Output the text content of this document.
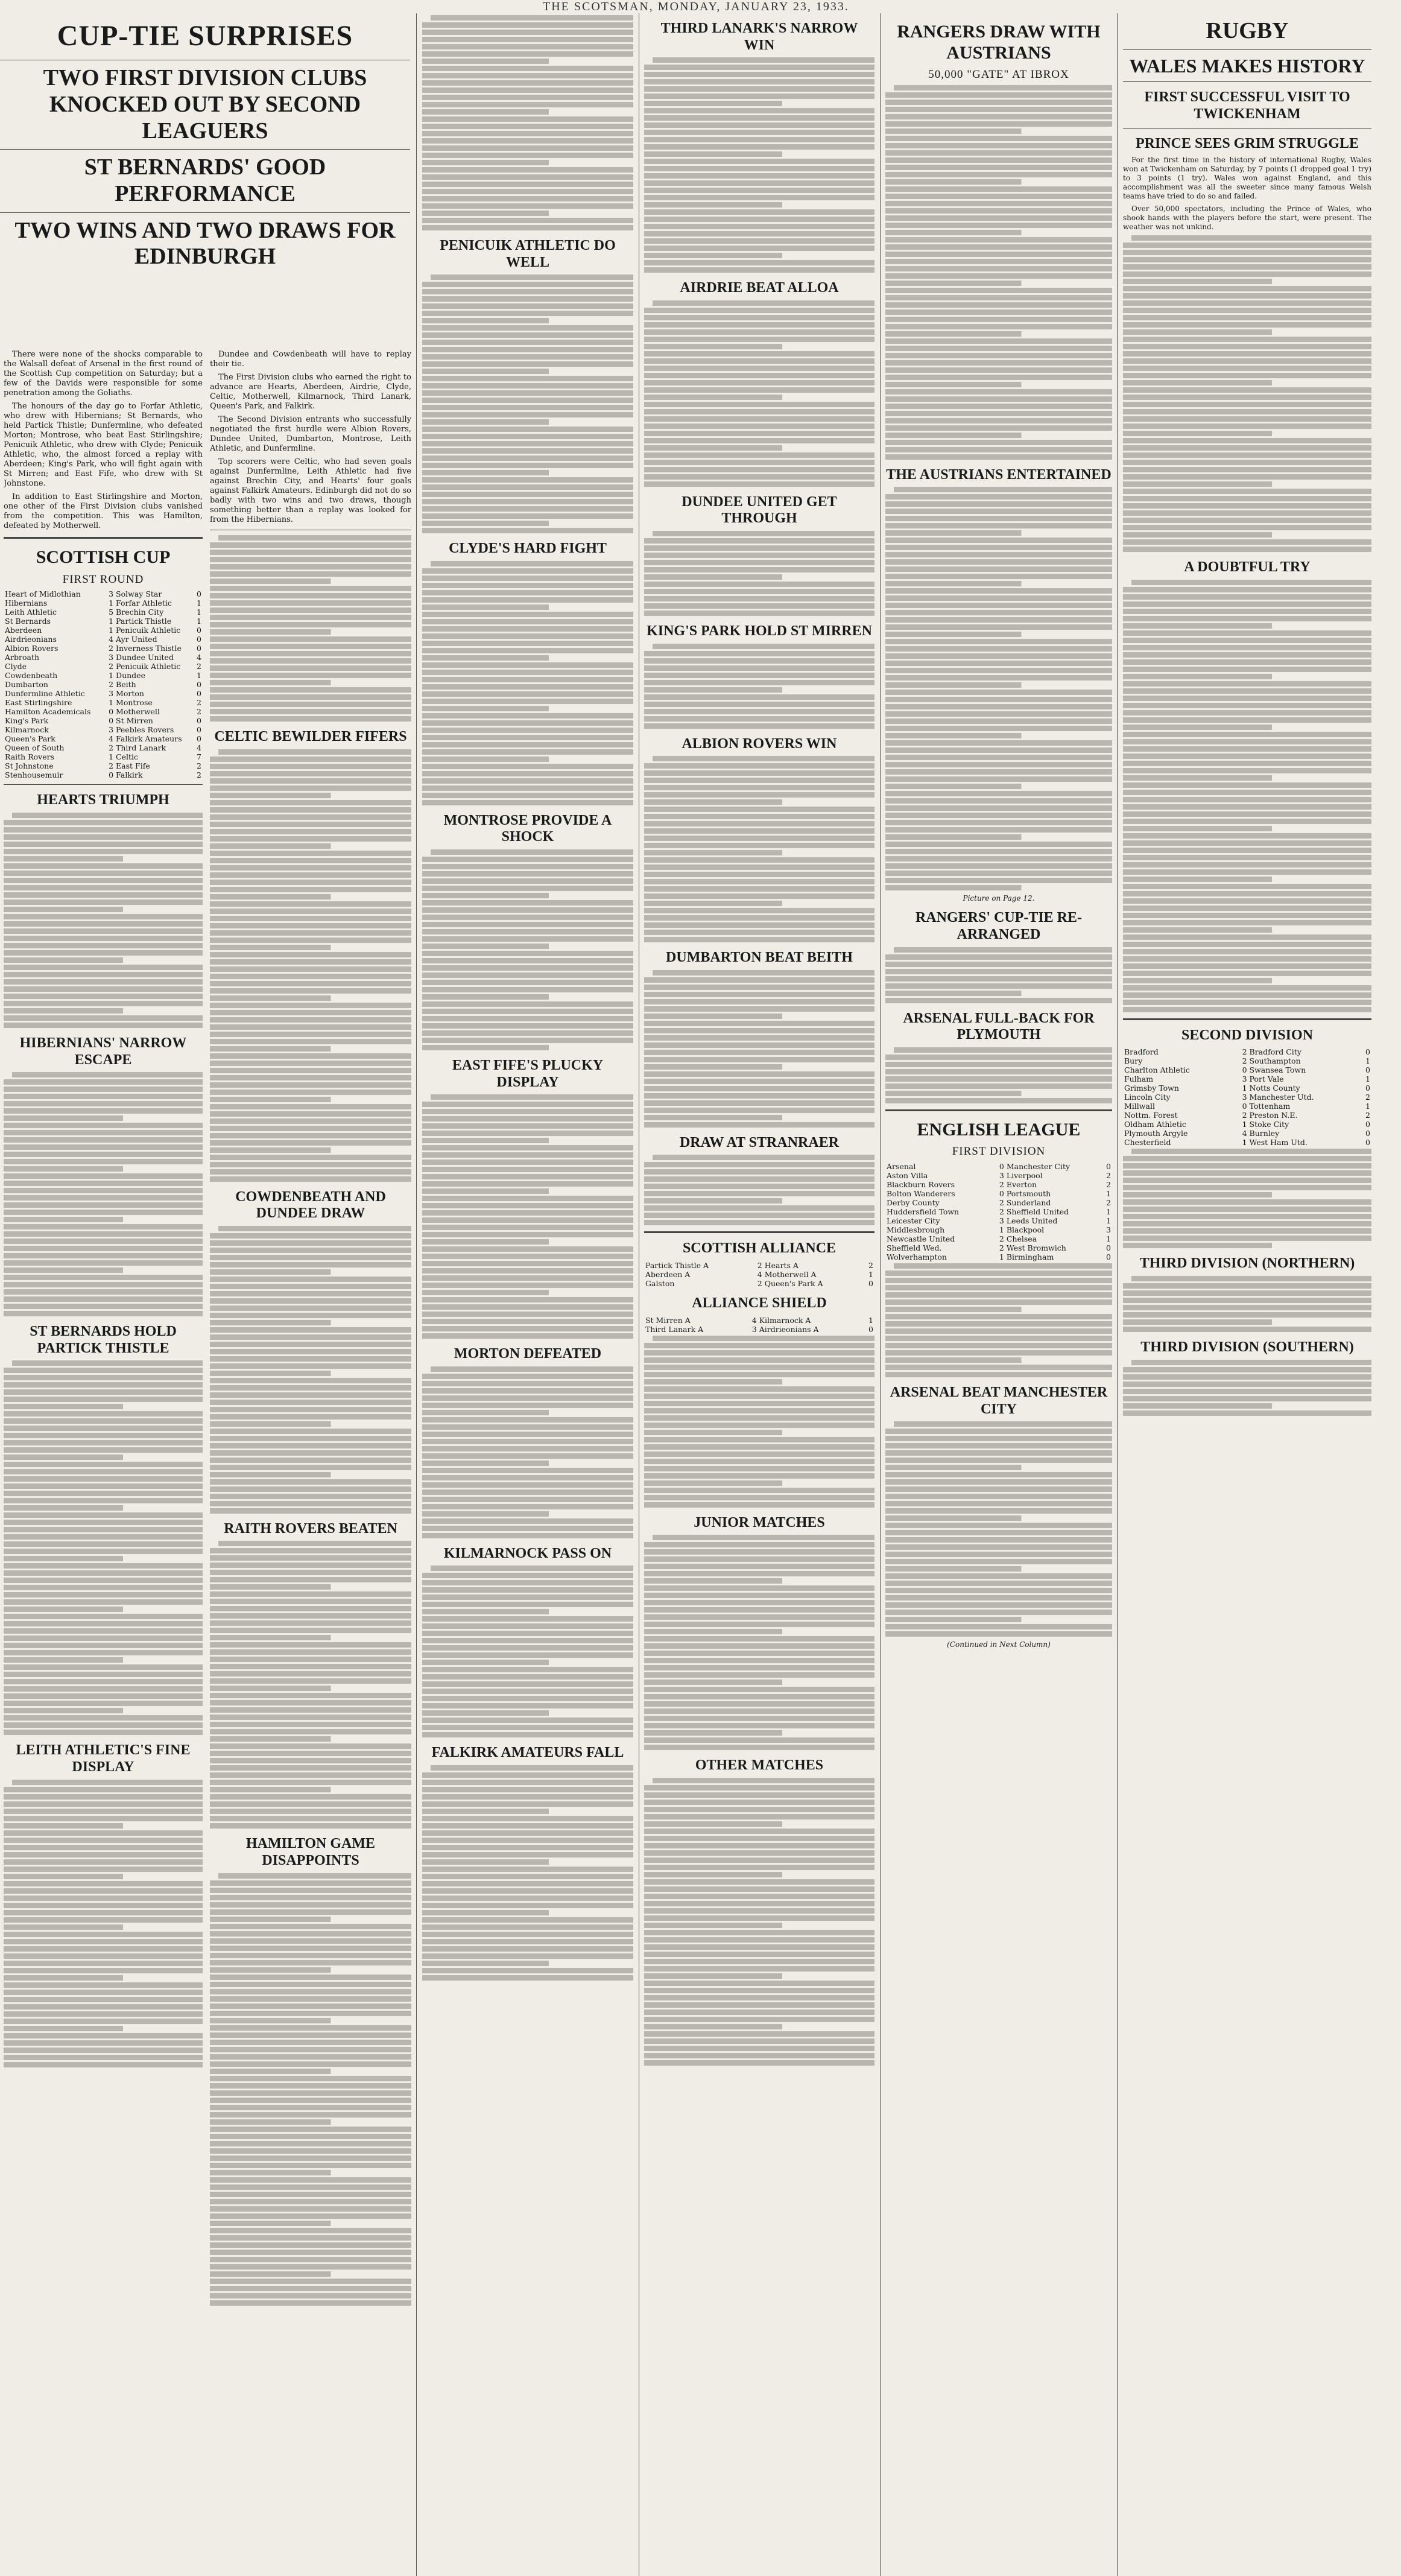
THE SCOTSMAN, MONDAY, JANUARY 23, 1933.
CUP-TIE SURPRISES
TWO FIRST DIVISION CLUBS KNOCKED OUT BY SECOND LEAGUERS
ST BERNARDS' GOOD PERFORMANCE
TWO WINS AND TWO DRAWS FOR EDINBURGH

There were none of the shocks comparable to the Walsall defeat of Arsenal in the first round of the Scottish Cup competition on Saturday; but a few of the Davids were responsible for some penetration among the Goliaths.

The honours of the day go to Forfar Athletic, who drew with Hibernians; St Bernards, who held Partick Thistle; Dunfermline, who defeated Morton; Montrose, who beat East Stirlingshire; Penicuik Athletic, who drew with Clyde; Penicuik Athletic, who, the almost forced a replay with Aberdeen; King's Park, who will fight again with St Mirren; and East Fife, who drew with St Johnstone.

In addition to East Stirlingshire and Morton, one other of the First Division clubs vanished from the competition. This was Hamilton, defeated by Motherwell.

SCOTTISH CUP
FIRST ROUND
Heart of Midlothian	3	Solway Star	0
Hibernians	1	Forfar Athletic	1
Leith Athletic	5	Brechin City	1
St Bernards	1	Partick Thistle	1
Aberdeen	1	Penicuik Athletic	0
Airdrieonians	4	Ayr United	0
Albion Rovers	2	Inverness Thistle	0
Arbroath	3	Dundee United	4
Clyde	2	Penicuik Athletic	2
Cowdenbeath	1	Dundee	1
Dumbarton	2	Beith	0
Dunfermline Athletic	3	Morton	0
East Stirlingshire	1	Montrose	2
Hamilton Academicals	0	Motherwell	2
King's Park	0	St Mirren	0
Kilmarnock	3	Peebles Rovers	0
Queen's Park	4	Falkirk Amateurs	0
Queen of South	2	Third Lanark	4
Raith Rovers	1	Celtic	7
St Johnstone	2	East Fife	2
Stenhousemuir	0	Falkirk	2
HEARTS TRIUMPH
HIBERNIANS' NARROW ESCAPE
ST BERNARDS HOLD PARTICK THISTLE
LEITH ATHLETIC'S FINE DISPLAY

Dundee and Cowdenbeath will have to replay their tie.

The First Division clubs who earned the right to advance are Hearts, Aberdeen, Airdrie, Clyde, Celtic, Motherwell, Kilmarnock, Third Lanark, Queen's Park, and Falkirk.

The Second Division entrants who successfully negotiated the first hurdle were Albion Rovers, Dundee United, Dumbarton, Montrose, Leith Athletic, and Dunfermline.

Top scorers were Celtic, who had seven goals against Dunfermline, Leith Athletic had five against Brechin City, and Hearts' four goals against Falkirk Amateurs. Edinburgh did not do so badly with two wins and two draws, though something better than a replay was looked for from the Hibernians.

CELTIC BEWILDER FIFERS
COWDENBEATH AND DUNDEE DRAW
RAITH ROVERS BEATEN
HAMILTON GAME DISAPPOINTS
PENICUIK ATHLETIC DO WELL
CLYDE'S HARD FIGHT
MONTROSE PROVIDE A SHOCK
EAST FIFE'S PLUCKY DISPLAY
MORTON DEFEATED
KILMARNOCK PASS ON
FALKIRK AMATEURS FALL
THIRD LANARK'S NARROW WIN
AIRDRIE BEAT ALLOA
DUNDEE UNITED GET THROUGH
KING'S PARK HOLD ST MIRREN
ALBION ROVERS WIN
DUMBARTON BEAT BEITH
DRAW AT STRANRAER
SCOTTISH ALLIANCE
Partick Thistle A	2	Hearts A	2
Aberdeen A	4	Motherwell A	1
Galston	2	Queen's Park A	0
ALLIANCE SHIELD
St Mirren A	4	Kilmarnock A	1
Third Lanark A	3	Airdrieonians A	0
JUNIOR MATCHES
OTHER MATCHES
RANGERS DRAW WITH AUSTRIANS
50,000 "GATE" AT IBROX
THE AUSTRIANS ENTERTAINED
Picture on Page 12.
RANGERS' CUP-TIE RE-ARRANGED
ARSENAL FULL-BACK FOR PLYMOUTH
ENGLISH LEAGUE
FIRST DIVISION
Arsenal	0	Manchester City	0
Aston Villa	3	Liverpool	2
Blackburn Rovers	2	Everton	2
Bolton Wanderers	0	Portsmouth	1
Derby County	2	Sunderland	2
Huddersfield Town	2	Sheffield United	1
Leicester City	3	Leeds United	1
Middlesbrough	1	Blackpool	3
Newcastle United	2	Chelsea	1
Sheffield Wed.	2	West Bromwich	0
Wolverhampton	1	Birmingham	0
ARSENAL BEAT MANCHESTER CITY
(Continued in Next Column)
RUGBY
WALES MAKES HISTORY
FIRST SUCCESSFUL VISIT TO TWICKENHAM
PRINCE SEES GRIM STRUGGLE

For the first time in the history of international Rugby, Wales won at Twickenham on Saturday, by 7 points (1 dropped goal 1 try) to 3 points (1 try). Wales won against England, and this accomplishment was all the sweeter since many famous Welsh teams have tried to do so and failed.

Over 50,000 spectators, including the Prince of Wales, who shook hands with the players before the start, were present. The weather was not unkind.

A DOUBTFUL TRY
SECOND DIVISION
Bradford	2	Bradford City	0
Bury	2	Southampton	1
Charlton Athletic	0	Swansea Town	0
Fulham	3	Port Vale	1
Grimsby Town	1	Notts County	0
Lincoln City	3	Manchester Utd.	2
Millwall	0	Tottenham	1
Nottm. Forest	2	Preston N.E.	2
Oldham Athletic	1	Stoke City	0
Plymouth Argyle	4	Burnley	0
Chesterfield	1	West Ham Utd.	0
THIRD DIVISION (NORTHERN)
THIRD DIVISION (SOUTHERN)
